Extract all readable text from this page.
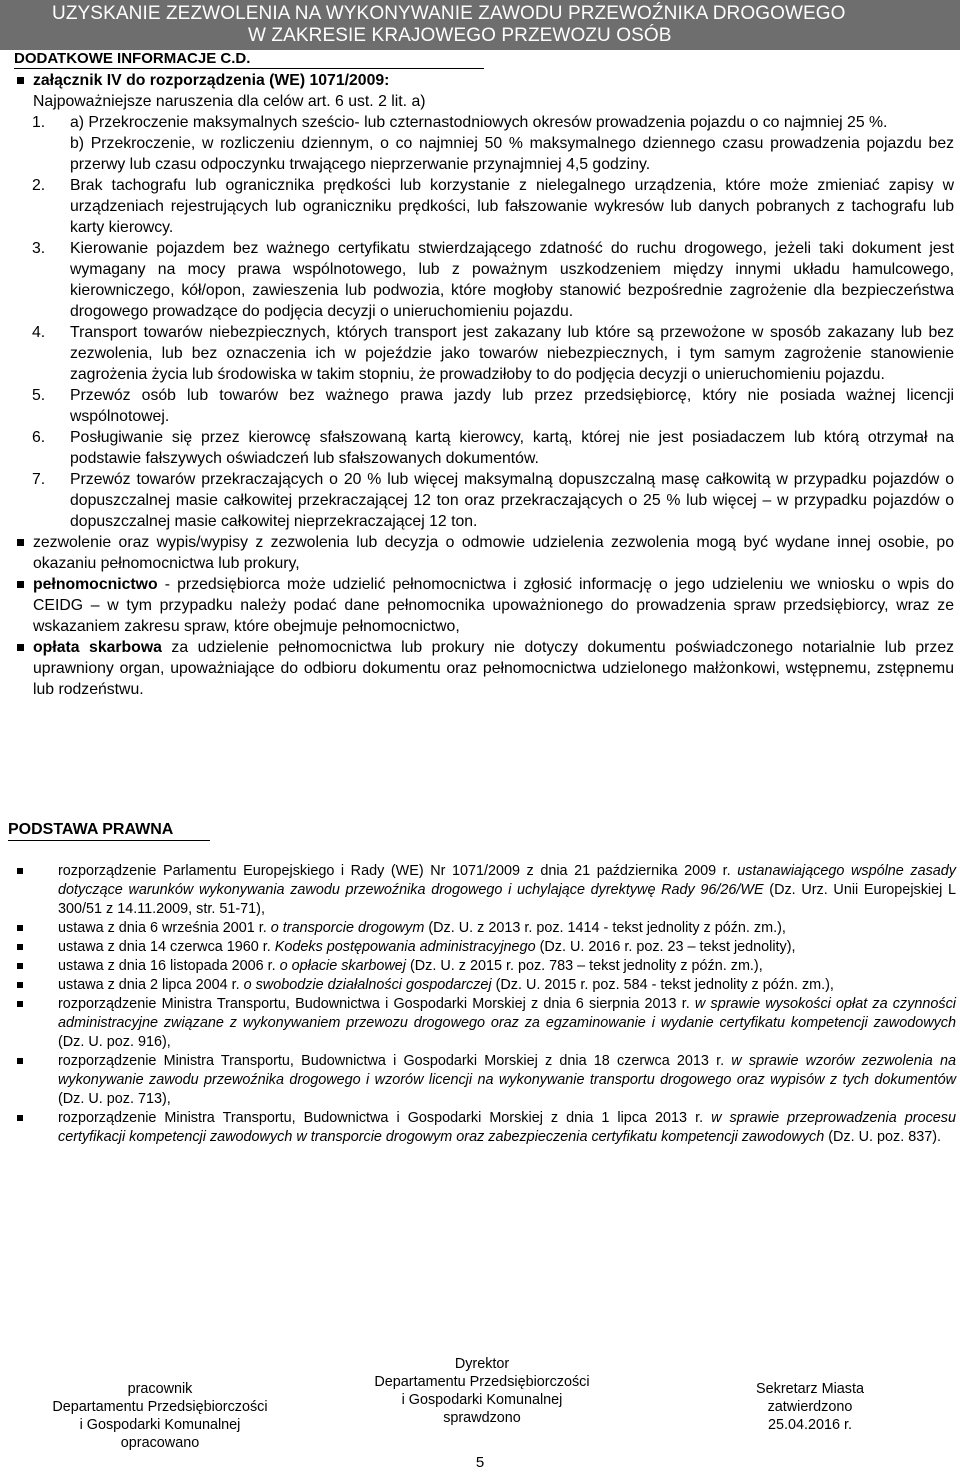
UZYSKANIE ZEZWOLENIA NA WYKONYWANIE ZAWODU PRZEWOŹNIKA DROGOWEGO
W ZAKRESIE KRAJOWEGO PRZEWOZU OSÓB
DODATKOWE INFORMACJE C.D.
załącznik IV do rozporządzenia (WE) 1071/2009:
Najpoważniejsze naruszenia dla celów art. 6 ust. 2 lit. a)
1.	a) Przekroczenie maksymalnych sześcio- lub czternastodniowych okresów prowadzenia pojazdu o co najmniej 25 %.
b) Przekroczenie, w rozliczeniu dziennym, o co najmniej 50 % maksymalnego dziennego czasu prowadzenia pojazdu bez przerwy lub czasu odpoczynku trwającego nieprzerwanie przynajmniej 4,5 godziny.
2.	Brak tachografu lub ogranicznika prędkości lub korzystanie z nielegalnego urządzenia, które może zmieniać zapisy w urządzeniach rejestrujących lub ograniczniku prędkości, lub fałszowanie wykresów lub danych pobranych z tachografu lub karty kierowcy.
3.	Kierowanie pojazdem bez ważnego certyfikatu stwierdzającego zdatność do ruchu drogowego, jeżeli taki dokument jest wymagany na mocy prawa wspólnotowego, lub z poważnym uszkodzeniem między innymi układu hamulcowego, kierowniczego, kół/opon, zawieszenia lub podwozia, które mogłoby stanowić bezpośrednie zagrożenie dla bezpieczeństwa drogowego prowadzące do podjęcia decyzji o unieruchomieniu pojazdu.
4.	Transport towarów niebezpiecznych, których transport jest zakazany lub które są przewożone w sposób zakazany lub bez zezwolenia, lub bez oznaczenia ich w pojeździe jako towarów niebezpiecznych, i tym samym zagrożenie stanowienie zagrożenia życia lub środowiska w takim stopniu, że prowadziłoby to do podjęcia decyzji o unieruchomieniu pojazdu.
5.	Przewóz osób lub towarów bez ważnego prawa jazdy lub przez przedsiębiorcę, który nie posiada ważnej licencji wspólnotowej.
6.	Posługiwanie się przez kierowcę sfałszowaną kartą kierowcy, kartą, której nie jest posiadaczem lub którą otrzymał na podstawie fałszywych oświadczeń lub sfałszowanych dokumentów.
7.	Przewóz towarów przekraczających o 20 % lub więcej maksymalną dopuszczalną masę całkowitą w przypadku pojazdów o dopuszczalnej masie całkowitej przekraczającej 12 ton oraz przekraczających o 25 % lub więcej – w przypadku pojazdów o dopuszczalnej masie całkowitej nieprzekraczającej 12 ton.
zezwolenie oraz wypis/wypisy z zezwolenia lub decyzja o odmowie udzielenia zezwolenia mogą być wydane innej osobie, po okazaniu pełnomocnictwa lub prokury,
pełnomocnictwo - przedsiębiorca może udzielić pełnomocnictwa i zgłosić informację o jego udzieleniu we wniosku o wpis do CEIDG – w tym przypadku należy podać dane pełnomocnika upoważnionego do prowadzenia spraw przedsiębiorcy, wraz ze wskazaniem zakresu spraw, które obejmuje pełnomocnictwo,
opłata skarbowa za udzielenie pełnomocnictwa lub prokury nie dotyczy dokumentu poświadczonego notarialnie lub przez uprawniony organ, upoważniające do odbioru dokumentu oraz pełnomocnictwa udzielonego małżonkowi, wstępnemu, zstępnemu lub rodzeństwu.
PODSTAWA PRAWNA
rozporządzenie Parlamentu Europejskiego i Rady (WE) Nr 1071/2009 z dnia 21 października 2009 r. ustanawiającego wspólne zasady dotyczące warunków wykonywania zawodu przewoźnika drogowego i uchylające dyrektywę Rady 96/26/WE (Dz. Urz. Unii Europejskiej L 300/51 z 14.11.2009, str. 51-71),
ustawa z dnia 6 września 2001 r. o transporcie drogowym (Dz. U. z 2013 r. poz. 1414 - tekst jednolity z późn. zm.),
ustawa z dnia 14 czerwca 1960 r. Kodeks postępowania administracyjnego (Dz. U. 2016 r. poz. 23 – tekst jednolity),
ustawa z dnia 16 listopada 2006 r. o opłacie skarbowej (Dz. U. z 2015 r. poz. 783 – tekst jednolity z późn. zm.),
ustawa z dnia 2 lipca 2004 r. o swobodzie działalności gospodarczej (Dz. U. 2015 r. poz. 584 - tekst jednolity z późn. zm.),
rozporządzenie Ministra Transportu, Budownictwa i Gospodarki Morskiej z dnia 6 sierpnia 2013 r. w sprawie wysokości opłat za czynności administracyjne związane z wykonywaniem przewozu drogowego oraz za egzaminowanie i wydanie certyfikatu kompetencji zawodowych (Dz. U. poz. 916),
rozporządzenie Ministra Transportu, Budownictwa i Gospodarki Morskiej z dnia 18 czerwca 2013 r. w sprawie wzorów zezwolenia na wykonywanie zawodu przewoźnika drogowego i wzorów licencji na wykonywanie transportu drogowego oraz wypisów z tych dokumentów (Dz. U. poz. 713),
rozporządzenie Ministra Transportu, Budownictwa i Gospodarki Morskiej z dnia 1 lipca 2013 r. w sprawie przeprowadzenia procesu certyfikacji kompetencji zawodowych w transporcie drogowym oraz zabezpieczenia certyfikatu kompetencji zawodowych (Dz. U. poz. 837).
pracownik
Departamentu Przedsiębiorczości
i Gospodarki Komunalnej
opracowano
Dyrektor
Departamentu Przedsiębiorczości
i Gospodarki Komunalnej
sprawdzono
Sekretarz Miasta
zatwierdzono
25.04.2016 r.
5
